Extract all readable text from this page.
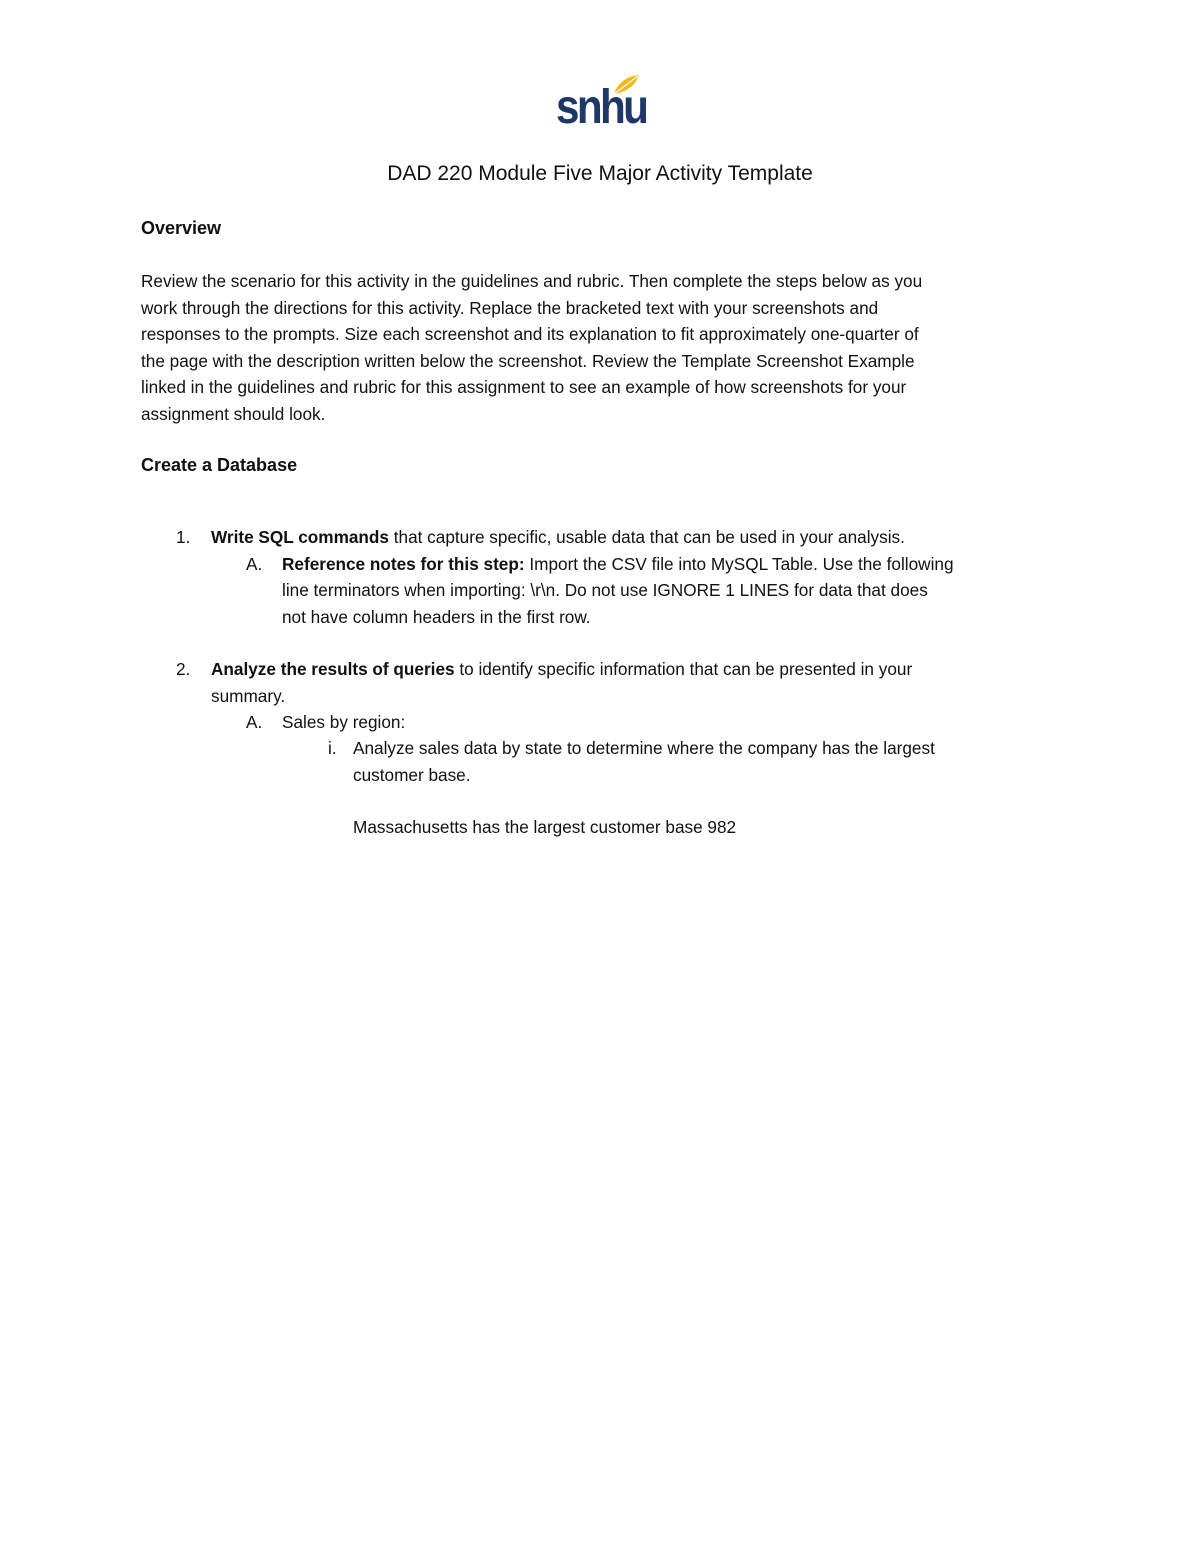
snhu
DAD 220 Module Five Major Activity Template
Overview
Review the scenario for this activity in the guidelines and rubric. Then complete the steps below as you
work through the directions for this activity. Replace the bracketed text with your screenshots and
responses to the prompts. Size each screenshot and its explanation to fit approximately one-quarter of
the page with the description written below the screenshot. Review the Template Screenshot Example
linked in the guidelines and rubric for this assignment to see an example of how screenshots for your
assignment should look.
Create a Database
1. Write SQL commands that capture specific, usable data that can be used in your analysis.
A. Reference notes for this step: Import the CSV file into MySQL Table. Use the following
line terminators when importing: \r\n. Do not use IGNORE 1 LINES for data that does
not have column headers in the first row.
2. Analyze the results of queries to identify specific information that can be presented in your
summary.
A. Sales by region:
i. Analyze sales data by state to determine where the company has the largest
customer base.
Massachusetts has the largest customer base 982
